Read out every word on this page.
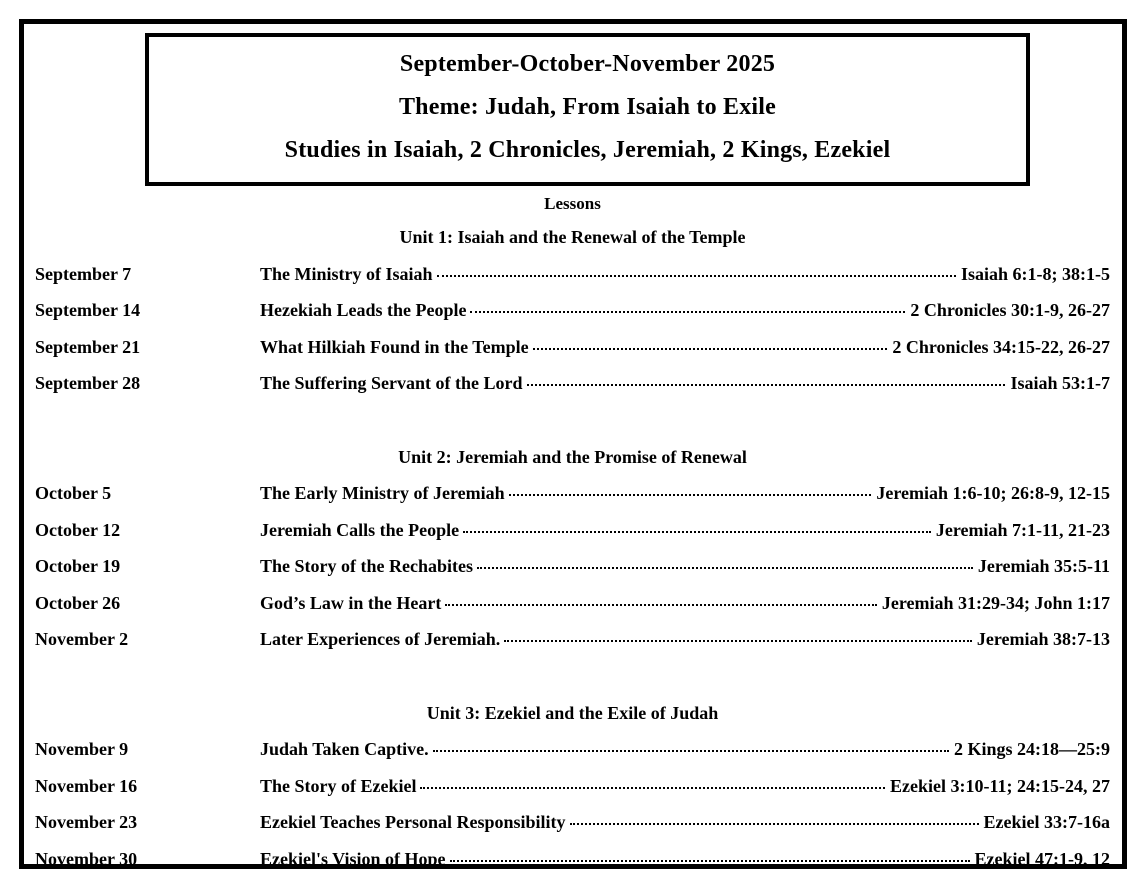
September-October-November 2025
Theme: Judah, From Isaiah to Exile
Studies in Isaiah, 2 Chronicles, Jeremiah, 2 Kings, Ezekiel
Lessons
Unit 1: Isaiah and the Renewal of the Temple
September 7	The Ministry of Isaiah	Isaiah 6:1-8; 38:1-5
September 14	Hezekiah Leads the People	2 Chronicles 30:1-9, 26-27
September 21	What Hilkiah Found in the Temple	2 Chronicles 34:15-22, 26-27
September 28	The Suffering Servant of the Lord	Isaiah 53:1-7
Unit 2: Jeremiah and the Promise of Renewal
October 5	The Early Ministry of Jeremiah	Jeremiah 1:6-10; 26:8-9, 12-15
October 12	Jeremiah Calls the People	Jeremiah 7:1-11, 21-23
October 19	The Story of the Rechabites	Jeremiah 35:5-11
October 26	God’s Law in the Heart	Jeremiah 31:29-34; John 1:17
November 2	Later Experiences of Jeremiah.	Jeremiah 38:7-13
Unit 3: Ezekiel and the Exile of Judah
November 9	Judah Taken Captive.	2 Kings 24:18—25:9
November 16	The Story of Ezekiel	Ezekiel 3:10-11; 24:15-24, 27
November 23	Ezekiel Teaches Personal Responsibility	Ezekiel 33:7-16a
November 30	Ezekiel's Vision of Hope	Ezekiel 47:1-9, 12
